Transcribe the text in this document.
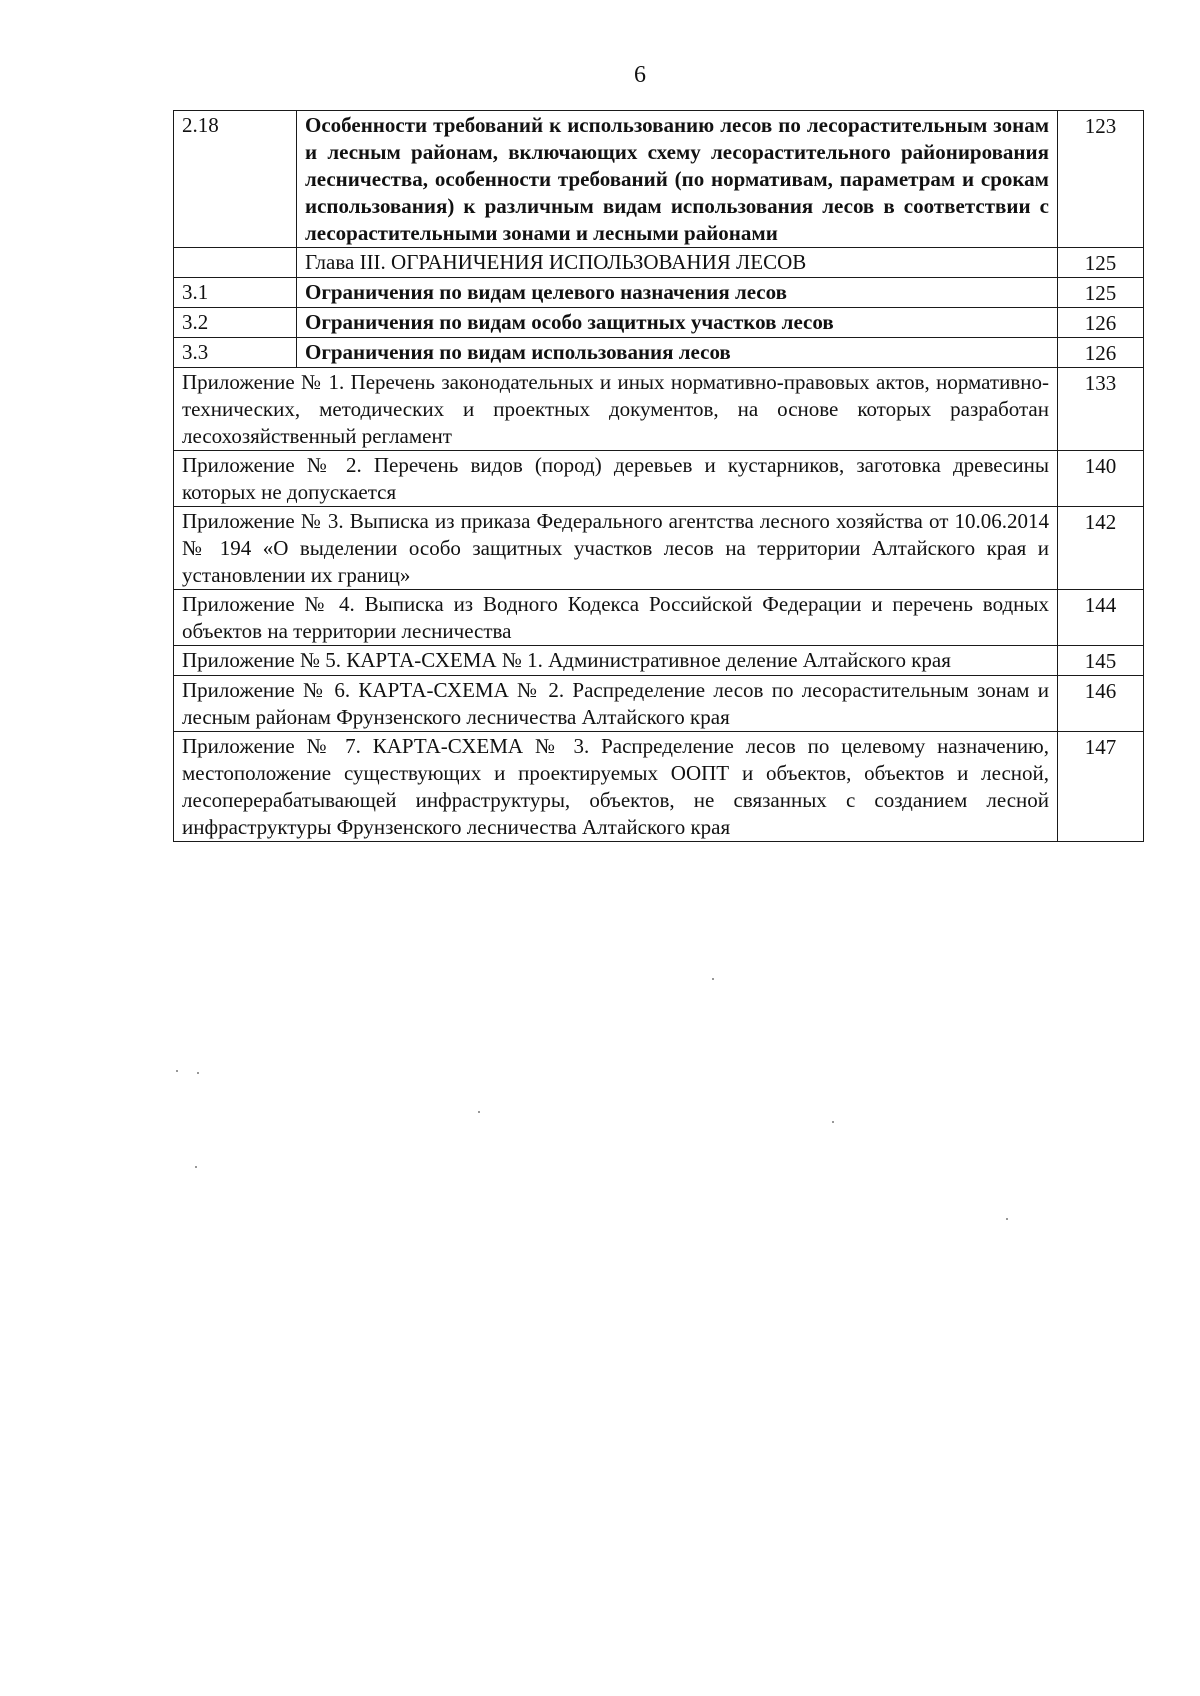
6
2.18	Особенности требований к использованию лесов по лесорастительным зонам и лесным районам, включающих схему лесорастительного районирования лесничества, особенности требований (по нормативам, параметрам и срокам использования) к различным видам использования лесов в соответствии с лесорастительными зонами и лесными районами	123
	Глава III. ОГРАНИЧЕНИЯ ИСПОЛЬЗОВАНИЯ ЛЕСОВ	125
3.1	Ограничения по видам целевого назначения лесов	125
3.2	Ограничения по видам особо защитных участков лесов	126
3.3	Ограничения по видам использования лесов	126
Приложение № 1. Перечень законодательных и иных нормативно-правовых актов, нормативно-технических, методических и проектных документов, на основе которых разработан лесохозяйственный регламент		133
Приложение № 2. Перечень видов (пород) деревьев и кустарников, заготовка древесины которых не допускается		140
Приложение № 3. Выписка из приказа Федерального агентства лесного хозяйства от 10.06.2014 № 194 «О выделении особо защитных участков лесов на территории Алтайского края и установлении их границ»		142
Приложение № 4. Выписка из Водного Кодекса Российской Федерации и перечень водных объектов на территории лесничества		144
Приложение № 5. КАРТА-СХЕМА № 1. Административное деление Алтайского края		145
Приложение № 6. КАРТА-СХЕМА № 2. Распределение лесов по лесорастительным зонам и лесным районам Фрунзенского лесничества Алтайского края		146
Приложение № 7. КАРТА-СХЕМА № 3. Распределение лесов по целевому назначению, местоположение существующих и проектируемых ООПТ и объектов, объектов и лесной, лесоперерабатывающей инфраструктуры, объектов, не связанных с созданием лесной инфраструктуры Фрунзенского лесничества Алтайского края		147
